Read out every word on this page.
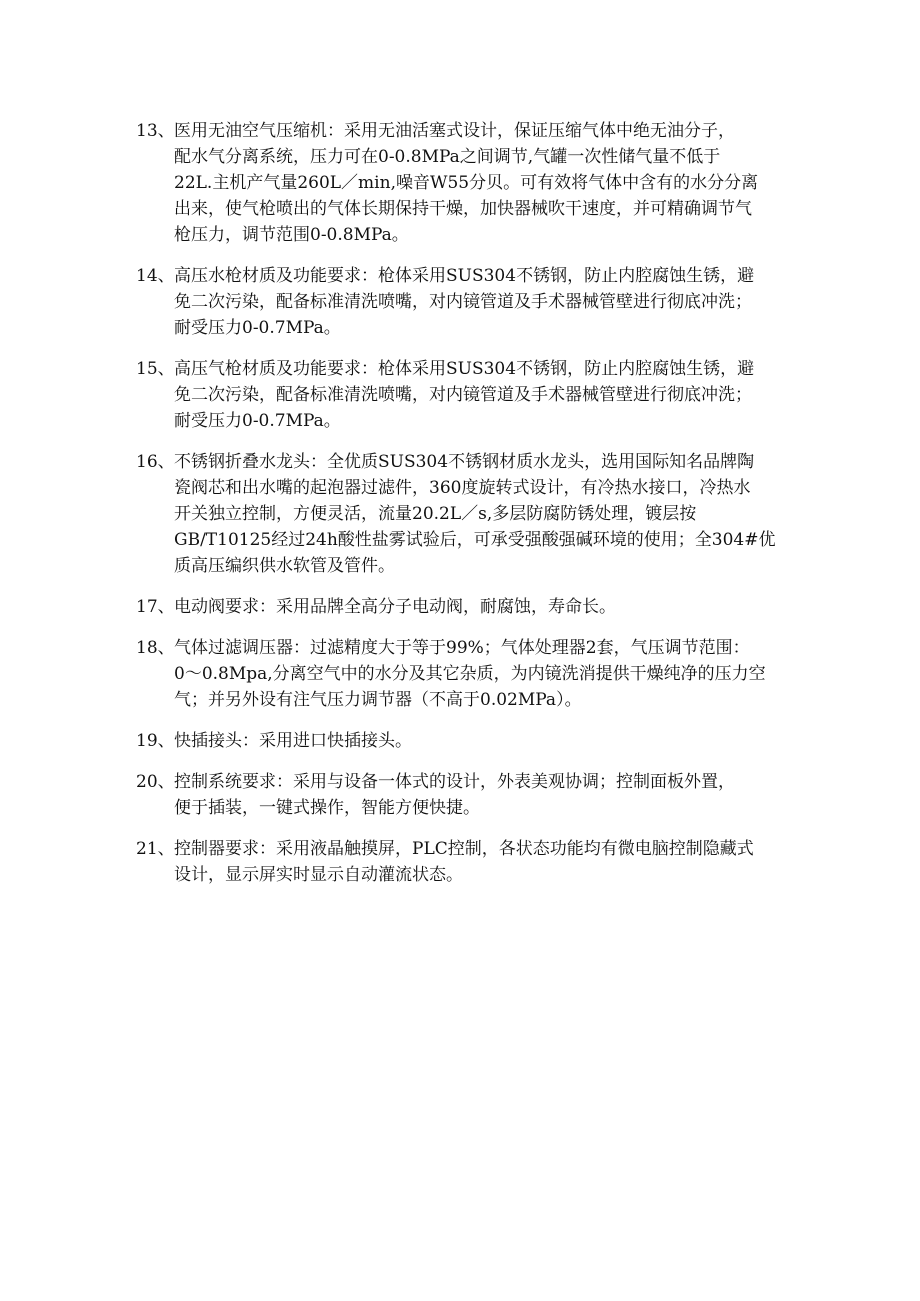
13、 医用无油空气压缩机：采用无油活塞式设计，保证压缩气体中绝无油分子，
配水气分离系统，压力可在0-0.8MPa之间调节,气罐一次性储气量不低于
22L.主机产气量260L／min,噪音W55分贝。可有效将气体中含有的水分分离
出来，使气枪喷出的气体长期保持干燥，加快器械吹干速度，并可精确调节气
枪压力，调节范围0-0.8MPa。
14、 高压水枪材质及功能要求：枪体采用SUS304不锈钢，防止内腔腐蚀生锈，避
免二次污染，配备标准清洗喷嘴，对内镜管道及手术器械管壁进行彻底冲洗；
耐受压力0-0.7MPa。
15、 高压气枪材质及功能要求：枪体采用SUS304不锈钢，防止内腔腐蚀生锈，避
免二次污染，配备标准清洗喷嘴，对内镜管道及手术器械管壁进行彻底冲洗；
耐受压力0-0.7MPa。
16、 不锈钢折叠水龙头：全优质SUS304不锈钢材质水龙头，选用国际知名品牌陶
瓷阀芯和出水嘴的起泡器过滤件，360度旋转式设计，有冷热水接口，冷热水
开关独立控制，方便灵活，流量20.2L／s,多层防腐防锈处理，镀层按
GB/T10125经过24h酸性盐雾试验后，可承受强酸强碱环境的使用；全304#优
质高压编织供水软管及管件。
17、 电动阀要求：采用品牌全高分子电动阀，耐腐蚀，寿命长。
18、 气体过滤调压器：过滤精度大于等于99%；气体处理器2套，气压调节范围：
0～0.8Mpa,分离空气中的水分及其它杂质，为内镜洗消提供干燥纯净的压力空
气；并另外设有注气压力调节器（不高于0.02MPa）。
19、 快插接头：采用进口快插接头。
20、 控制系统要求：采用与设备一体式的设计，外表美观协调；控制面板外置，
便于插装，一键式操作，智能方便快捷。
21、 控制器要求：采用液晶触摸屏，PLC控制，各状态功能均有微电脑控制隐藏式
设计，显示屏实时显示自动灌流状态。
